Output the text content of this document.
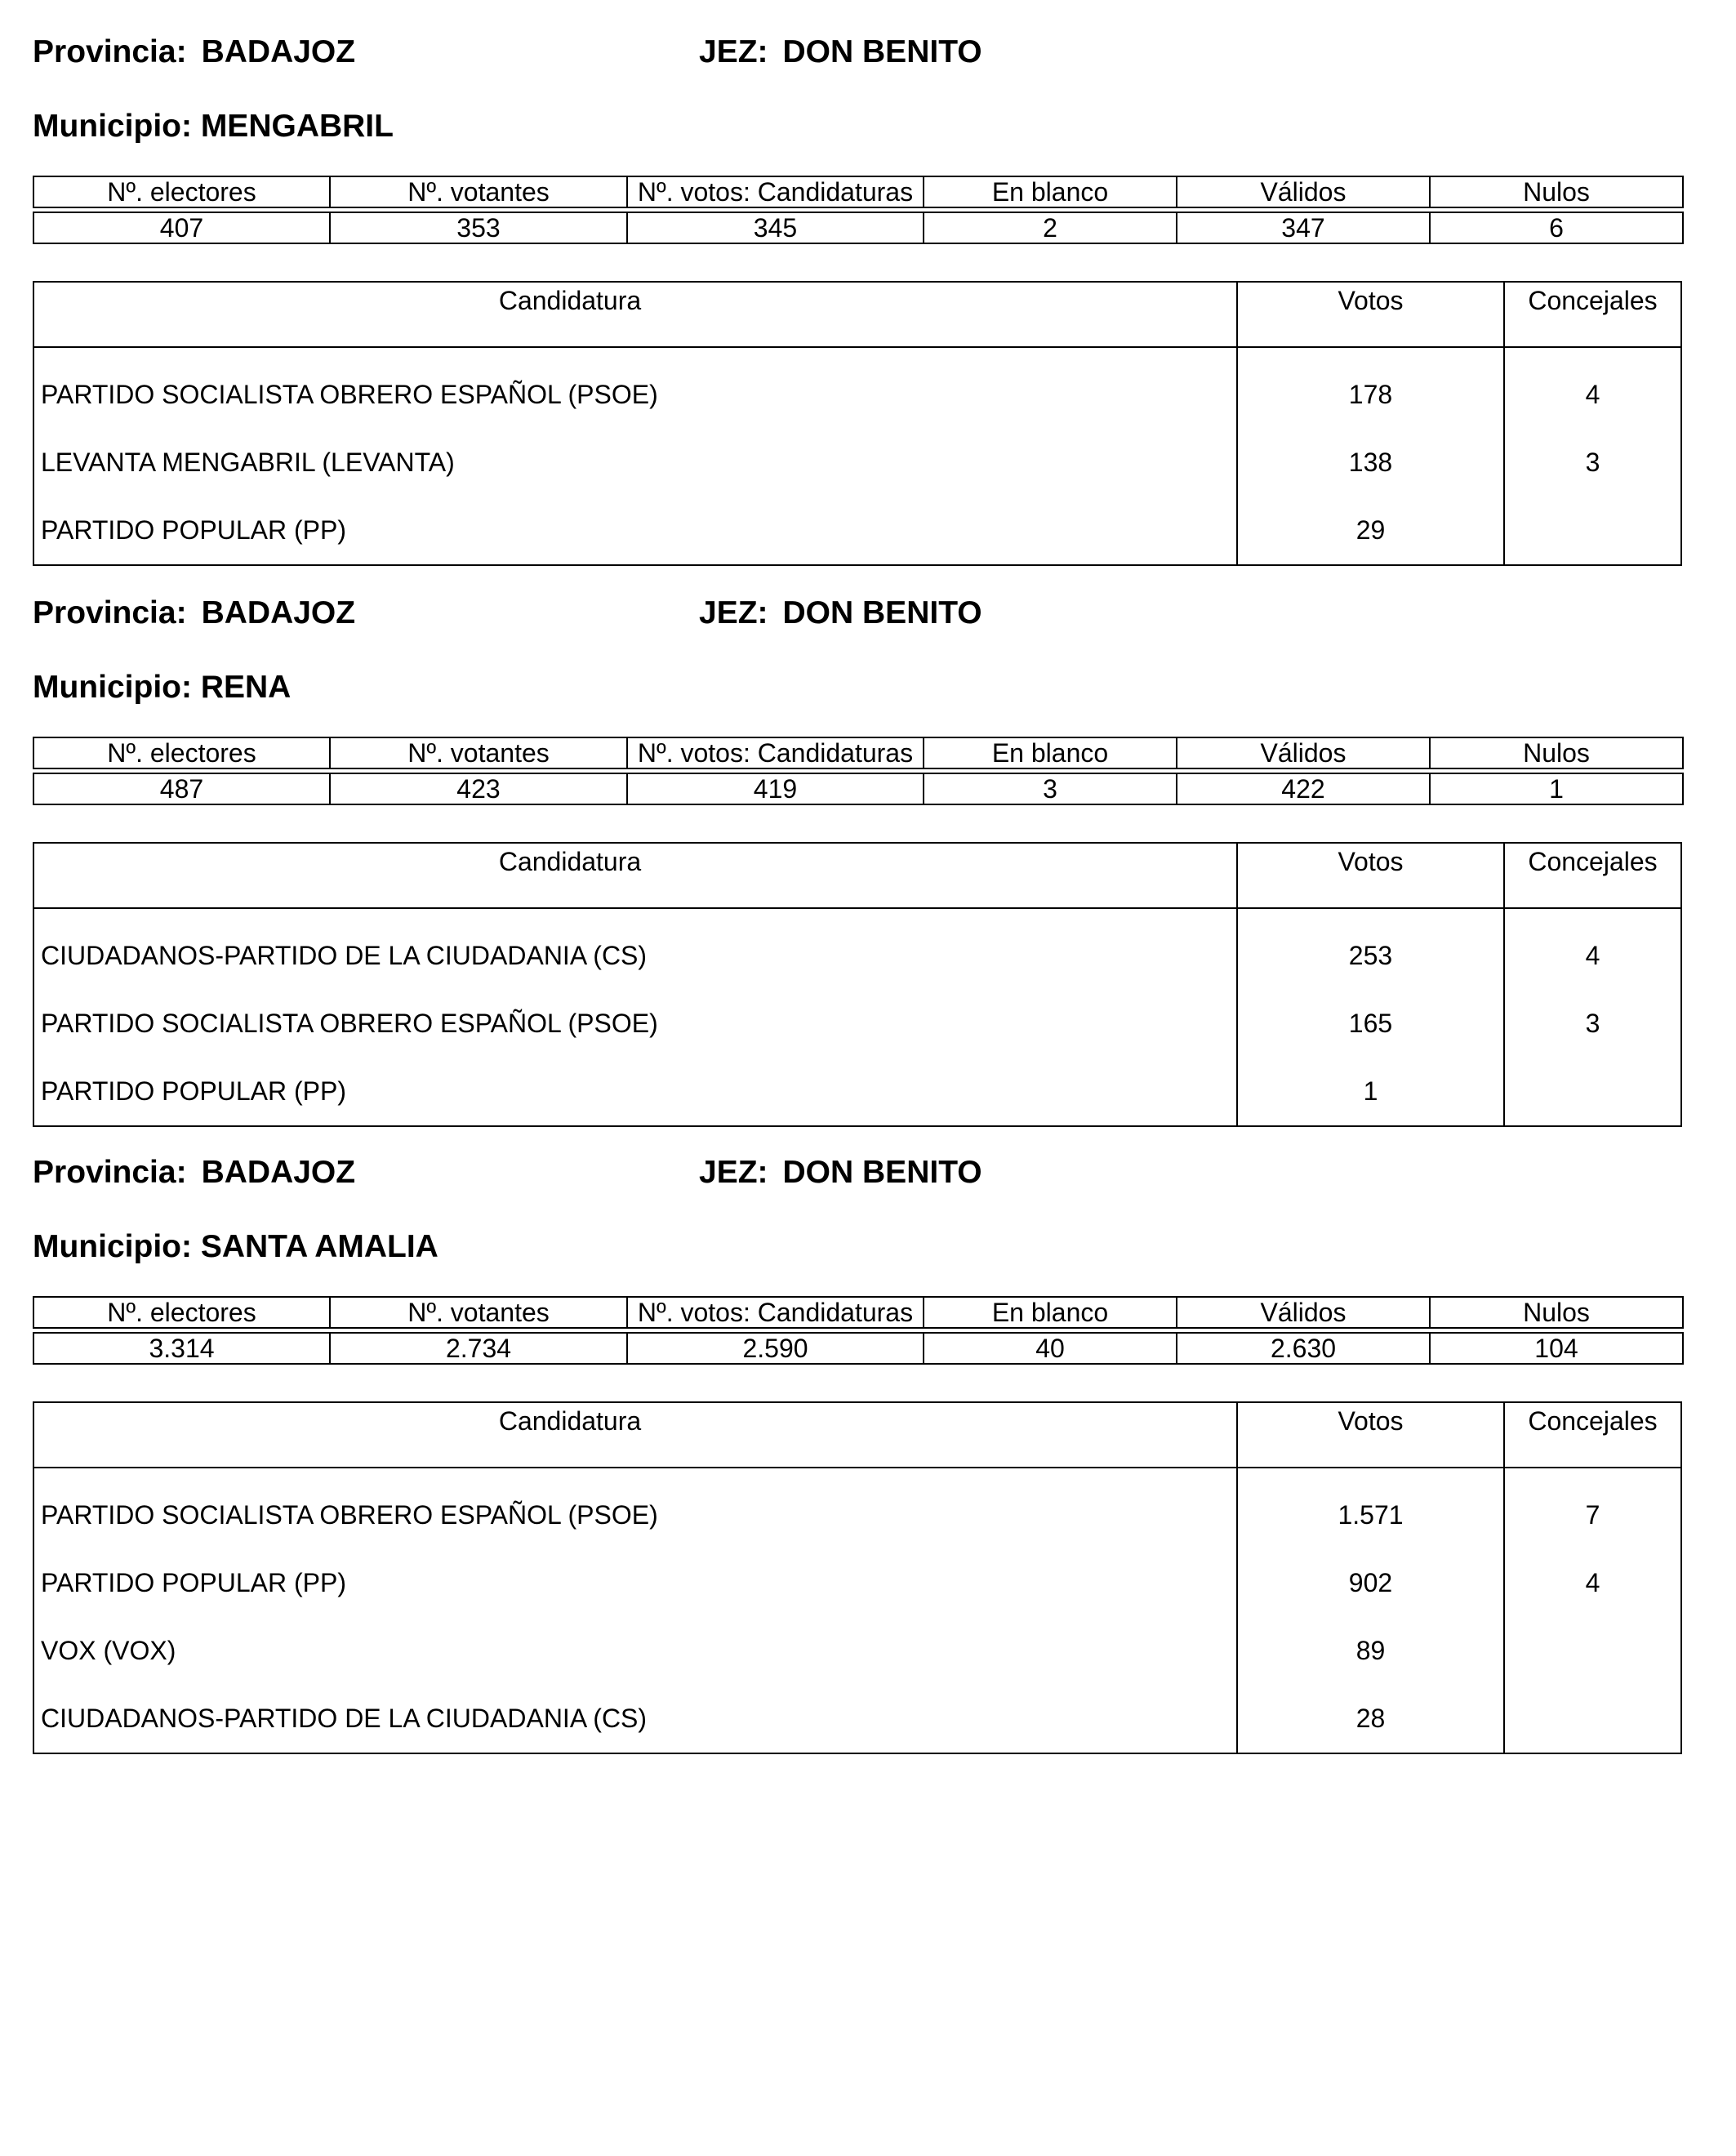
Provincia: BADAJOZ	JEZ: DON BENITO
Municipio: MENGABRIL
Nº. electores	Nº. votantes	Nº. votos: Candidaturas	En blanco	Válidos	Nulos

407	353	345	2	347	6
Candidatura	Votos	Concejales
PARTIDO SOCIALISTA OBRERO ESPAÑOL (PSOE)	178	4
LEVANTA MENGABRIL (LEVANTA)	138	3
PARTIDO POPULAR (PP)	29
Provincia: BADAJOZ	JEZ: DON BENITO
Municipio: RENA
Nº. electores	Nº. votantes	Nº. votos: Candidaturas	En blanco	Válidos	Nulos

487	423	419	3	422	1
Candidatura	Votos	Concejales
CIUDADANOS-PARTIDO DE LA CIUDADANIA (CS)	253	4
PARTIDO SOCIALISTA OBRERO ESPAÑOL (PSOE)	165	3
PARTIDO POPULAR (PP)	1
Provincia: BADAJOZ	JEZ: DON BENITO
Municipio: SANTA AMALIA
Nº. electores	Nº. votantes	Nº. votos: Candidaturas	En blanco	Válidos	Nulos

3.314	2.734	2.590	40	2.630	104
Candidatura	Votos	Concejales
PARTIDO SOCIALISTA OBRERO ESPAÑOL (PSOE)	1.571	7
PARTIDO POPULAR (PP)	902	4
VOX (VOX)	89
CIUDADANOS-PARTIDO DE LA CIUDADANIA (CS)	28
